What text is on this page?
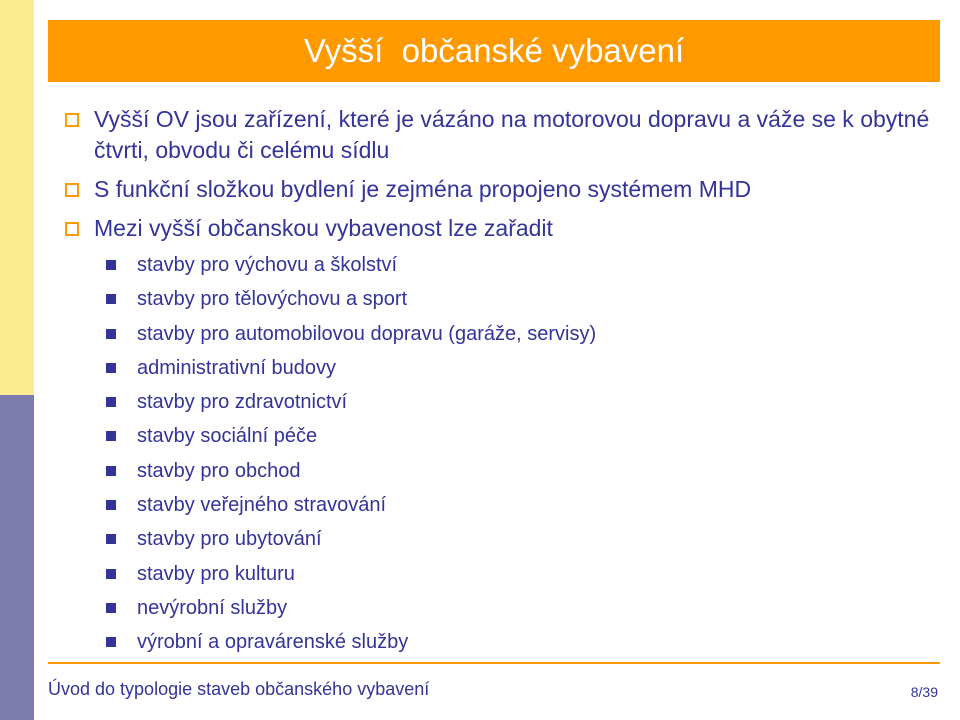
Vyšší  občanské vybavení
Vyšší OV jsou zařízení, které je vázáno na motorovou dopravu a váže se k obytné čtvrti, obvodu či celému sídlu
S funkční složkou bydlení je zejména propojeno systémem MHD
Mezi vyšší občanskou vybavenost lze zařadit
stavby pro výchovu a školství
stavby pro tělovýchovu a sport
stavby pro automobilovou dopravu (garáže, servisy)
administrativní budovy
stavby pro zdravotnictví
stavby sociální péče
stavby pro obchod
stavby veřejného stravování
stavby pro ubytování
stavby pro kulturu
nevýrobní služby
výrobní a opravárenské služby
Úvod do typologie staveb občanského vybavení	8/39
